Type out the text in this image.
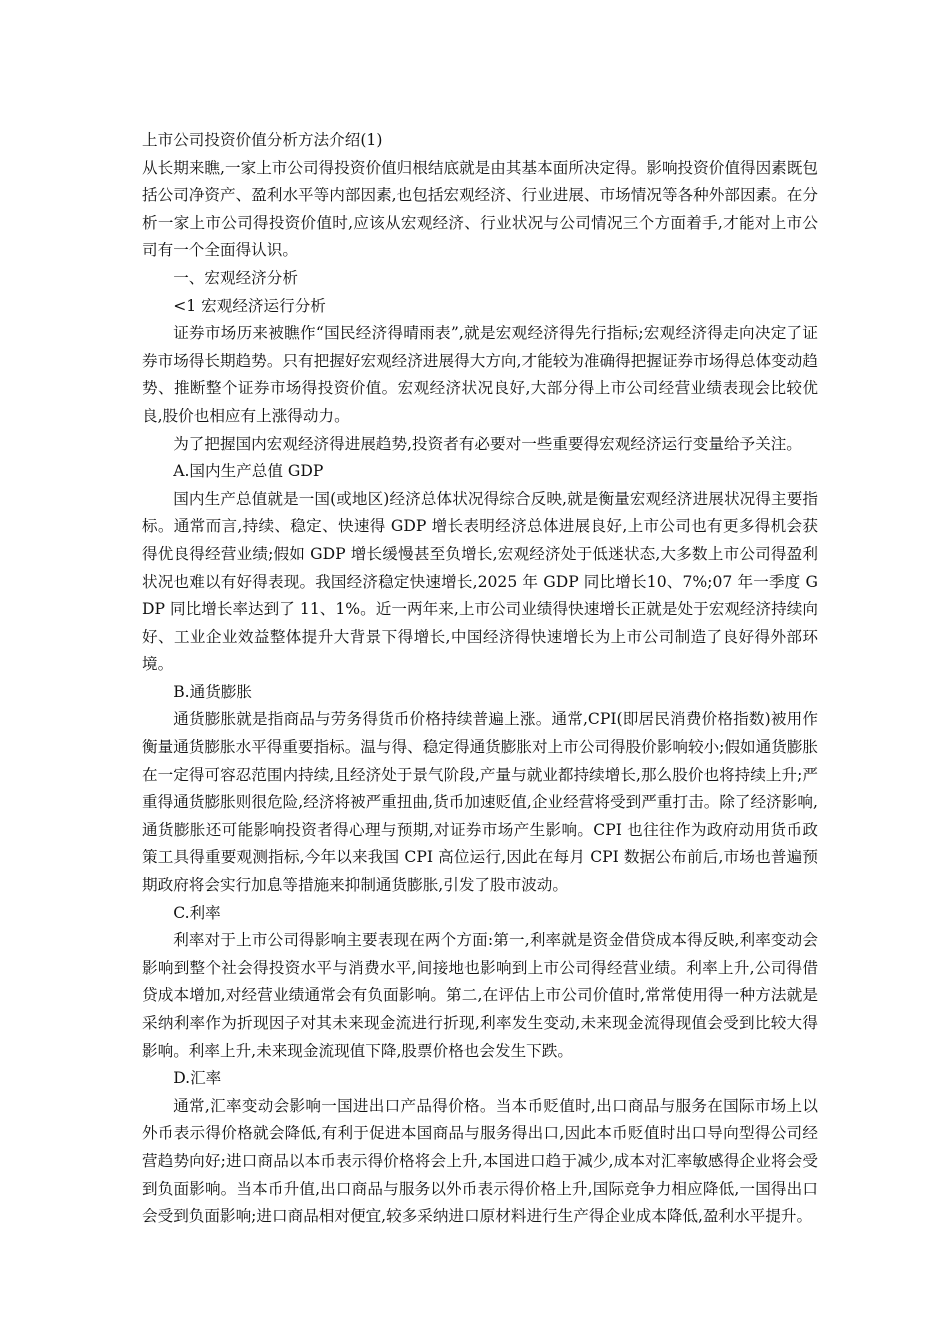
上市公司投资价值分析方法介绍(1)

从长期来瞧,一家上市公司得投资价值归根结底就是由其基本面所决定得。影响投资价值得因素既包括公司净资产、盈利水平等内部因素,也包括宏观经济、行业进展、市场情况等各种外部因素。在分析一家上市公司得投资价值时,应该从宏观经济、行业状况与公司情况三个方面着手,才能对上市公司有一个全面得认识。

一、宏观经济分析

<1 宏观经济运行分析

证券市场历来被瞧作“国民经济得晴雨表”,就是宏观经济得先行指标;宏观经济得走向决定了证券市场得长期趋势。只有把握好宏观经济进展得大方向,才能较为准确得把握证券市场得总体变动趋势、推断整个证券市场得投资价值。宏观经济状况良好,大部分得上市公司经营业绩表现会比较优良,股价也相应有上涨得动力。

为了把握国内宏观经济得进展趋势,投资者有必要对一些重要得宏观经济运行变量给予关注。

A.国内生产总值 GDP

国内生产总值就是一国(或地区)经济总体状况得综合反映,就是衡量宏观经济进展状况得主要指标。通常而言,持续、稳定、快速得 GDP 增长表明经济总体进展良好,上市公司也有更多得机会获得优良得经营业绩;假如 GDP 增长缓慢甚至负增长,宏观经济处于低迷状态,大多数上市公司得盈利状况也难以有好得表现。我国经济稳定快速增长,2025 年 GDP 同比增长10、7%;07 年一季度 GDP 同比增长率达到了 11、1%。近一两年来,上市公司业绩得快速增长正就是处于宏观经济持续向好、工业企业效益整体提升大背景下得增长,中国经济得快速增长为上市公司制造了良好得外部环境。

B.通货膨胀

通货膨胀就是指商品与劳务得货币价格持续普遍上涨。通常,CPI(即居民消费价格指数)被用作衡量通货膨胀水平得重要指标。温与得、稳定得通货膨胀对上市公司得股价影响较小;假如通货膨胀在一定得可容忍范围内持续,且经济处于景气阶段,产量与就业都持续增长,那么股价也将持续上升;严重得通货膨胀则很危险,经济将被严重扭曲,货币加速贬值,企业经营将受到严重打击。除了经济影响,通货膨胀还可能影响投资者得心理与预期,对证券市场产生影响。CPI 也往往作为政府动用货币政策工具得重要观测指标,今年以来我国 CPI 高位运行,因此在每月 CPI 数据公布前后,市场也普遍预期政府将会实行加息等措施来抑制通货膨胀,引发了股市波动。

C.利率

利率对于上市公司得影响主要表现在两个方面:第一,利率就是资金借贷成本得反映,利率变动会影响到整个社会得投资水平与消费水平,间接地也影响到上市公司得经营业绩。利率上升,公司得借贷成本增加,对经营业绩通常会有负面影响。第二,在评估上市公司价值时,常常使用得一种方法就是采纳利率作为折现因子对其未来现金流进行折现,利率发生变动,未来现金流得现值会受到比较大得影响。利率上升,未来现金流现值下降,股票价格也会发生下跌。

D.汇率

通常,汇率变动会影响一国进出口产品得价格。当本币贬值时,出口商品与服务在国际市场上以外币表示得价格就会降低,有利于促进本国商品与服务得出口,因此本币贬值时出口导向型得公司经营趋势向好;进口商品以本币表示得价格将会上升,本国进口趋于减少,成本对汇率敏感得企业将会受到负面影响。当本币升值,出口商品与服务以外币表示得价格上升,国际竞争力相应降低,一国得出口会受到负面影响;进口商品相对便宜,较多采纳进口原材料进行生产得企业成本降低,盈利水平提升。
